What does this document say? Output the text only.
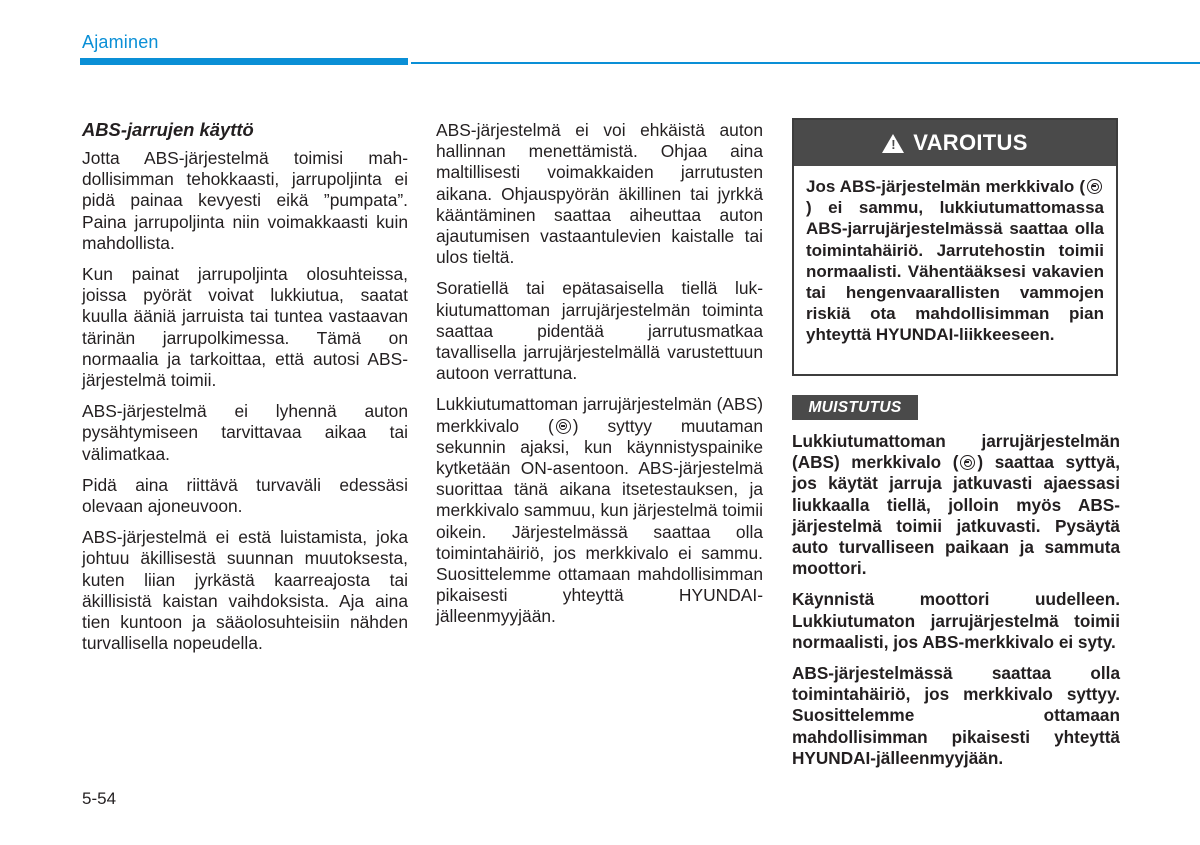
Ajaminen
ABS-jarrujen käyttö

Jotta ABS-järjestelmä toimisi mahdollisimman tehokkaasti, jarrupoljinta ei pidä painaa kevyesti eikä ”pumpata”. Paina jarrupoljinta niin voimakkaasti kuin mahdollista.

Kun painat jarrupoljinta olosuhteissa, joissa pyörät voivat lukkiutua, saatat kuulla ääniä jarruista tai tuntea vastaavan tärinän jarrupolkimessa. Tämä on normaalia ja tarkoittaa, että autosi ABS-järjestelmä toimii.

ABS-järjestelmä ei lyhennä auton pysähtymiseen tarvittavaa aikaa tai välimatkaa.

Pidä aina riittävä turvaväli edessäsi olevaan ajoneuvoon.

ABS-järjestelmä ei estä luistamista, joka johtuu äkillisestä suunnan muutoksesta, kuten liian jyrkästä kaarreajosta tai äkillisistä kaistan vaihdoksista. Aja aina tien kuntoon ja sääolosuhteisiin nähden turvallisella nopeudella.

ABS-järjestelmä ei voi ehkäistä auton hallinnan menettämistä. Ohjaa aina maltillisesti voimakkaiden jarrutusten aikana. Ohjauspyörän äkillinen tai jyrkkä kääntäminen saattaa aiheuttaa auton ajautumisen vastaantulevien kaistalle tai ulos tieltä.

Soratiellä tai epätasaisella tiellä lukkiutumattoman jarrujärjestelmän toiminta saattaa pidentää jarrutusmatkaa tavallisella jarrujärjestelmällä varustettuun autoon verrattuna.

Lukkiutumattoman jarrujärjestelmän (ABS) merkkivalo ( ) syttyy muutaman sekunnin ajaksi, kun käynnistyspainike kytketään ON-asentoon. ABS-järjestelmä suorittaa tänä aikana itsetestauksen, ja merkkivalo sammuu, kun järjestelmä toimii oikein. Järjestelmässä saattaa olla toimintahäiriö, jos merkkivalo ei sammu. Suosittelemme ottamaan mahdollisimman pikaisesti yhteyttä HYUNDAI-jälleenmyyjään.

! VAROITUS
Jos ABS-järjestelmän merkkivalo (
) ei sammu, lukkiutumattomassa ABS-jarrujärjestelmässä saattaa olla toimintahäiriö. Jarrutehostin toimii normaalisti. Vähentääksesi vakavien tai hengenvaarallisten vammojen riskiä ota mahdollisimman pian yhteyttä HYUNDAI-liikkeeseen.
MUISTUTUS

Lukkiutumattoman jarrujärjestelmän (ABS) merkkivalo ( ) saattaa syttyä, jos käytät jarruja jatkuvasti ajaessasi liukkaalla tiellä, jolloin myös ABS-järjestelmä toimii jatkuvasti. Pysäytä auto turvalliseen paikaan ja sammuta moottori.

Käynnistä moottori uudelleen. Lukkiutumaton jarrujärjestelmä toimii normaalisti, jos ABS-merkkivalo ei syty.

ABS-järjestelmässä saattaa olla toimintahäiriö, jos merkkivalo syttyy. Suosittelemme ottamaan mahdollisimman pikaisesti yhteyttä HYUNDAI-jälleenmyyjään.

5-54
